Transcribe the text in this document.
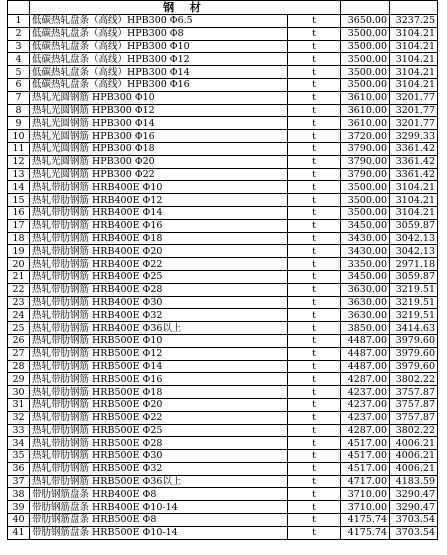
	钢 材			
1	低碳热轧盘条（高线）HPB300 Φ6.5	t	3650.00	3237.25
2	低碳热轧盘条（高线）HPB300 Φ8	t	3500.00	3104.21
3	低碳热轧盘条（高线）HPB300 Φ10	t	3500.00	3104.21
4	低碳热轧盘条（高线）HPB300 Φ12	t	3500.00	3104.21
5	低碳热轧盘条（高线）HPB300 Φ14	t	3500.00	3104.21
6	低碳热轧盘条（高线）HPB300 Φ16	t	3500.00	3104.21
7	热轧光圆钢筋 HPB300 Φ10	t	3610.00	3201.77
8	热轧光圆钢筋 HPB300 Φ12	t	3610.00	3201.77
9	热轧光圆钢筋 HPB300 Φ14	t	3610.00	3201.77
10	热轧光圆钢筋 HPB300 Φ16	t	3720.00	3299.33
11	热轧光圆钢筋 HPB300 Φ18	t	3790.00	3361.42
12	热轧光圆钢筋 HPB300 Φ20	t	3790.00	3361.42
13	热轧光圆钢筋 HPB300 Φ22	t	3790.00	3361.42
14	热轧带肋钢筋 HRB400E Φ10	t	3500.00	3104.21
15	热轧带肋钢筋 HRB400E Φ12	t	3500.00	3104.21
16	热轧带肋钢筋 HRB400E Φ14	t	3500.00	3104.21
17	热轧带肋钢筋 HRB400E Φ16	t	3450.00	3059.87
18	热轧带肋钢筋 HRB400E Φ18	t	3430.00	3042.13
19	热轧带肋钢筋 HRB400E Φ20	t	3430.00	3042.13
20	热轧带肋钢筋 HRB400E Φ22	t	3350.00	2971.18
21	热轧带肋钢筋 HRB400E Φ25	t	3450.00	3059.87
22	热轧带肋钢筋 HRB400E Φ28	t	3630.00	3219.51
23	热轧带肋钢筋 HRB400E Φ30	t	3630.00	3219.51
24	热轧带肋钢筋 HRB400E Φ32	t	3630.00	3219.51
25	热轧带肋钢筋 HRB400E Φ36以上	t	3850.00	3414.63
26	热轧带肋钢筋 HRB500E Φ10	t	4487.00	3979.60
27	热轧带肋钢筋 HRB500E Φ12	t	4487.00	3979.60
28	热轧带肋钢筋 HRB500E Φ14	t	4487.00	3979.60
29	热轧带肋钢筋 HRB500E Φ16	t	4287.00	3802.22
30	热轧带肋钢筋 HRB500E Φ18	t	4237.00	3757.87
31	热轧带肋钢筋 HRB500E Φ20	t	4237.00	3757.87
32	热轧带肋钢筋 HRB500E Φ22	t	4237.00	3757.87
33	热轧带肋钢筋 HRB500E Φ25	t	4287.00	3802.22
34	热轧带肋钢筋 HRB500E Φ28	t	4517.00	4006.21
35	热轧带肋钢筋 HRB500E Φ30	t	4517.00	4006.21
36	热轧带肋钢筋 HRB500E Φ32	t	4517.00	4006.21
37	热轧带肋钢筋 HRB500E Φ36以上	t	4717.00	4183.59
38	带肋钢筋盘条 HRB400E Φ8	t	3710.00	3290.47
39	带肋钢筋盘条 HRB400E Φ10-14	t	3710.00	3290.47
40	带肋钢筋盘条 HRB500E Φ8	t	4175.74	3703.54
41	带肋钢筋盘条 HRB500E Φ10-14	t	4175.74	3703.54
